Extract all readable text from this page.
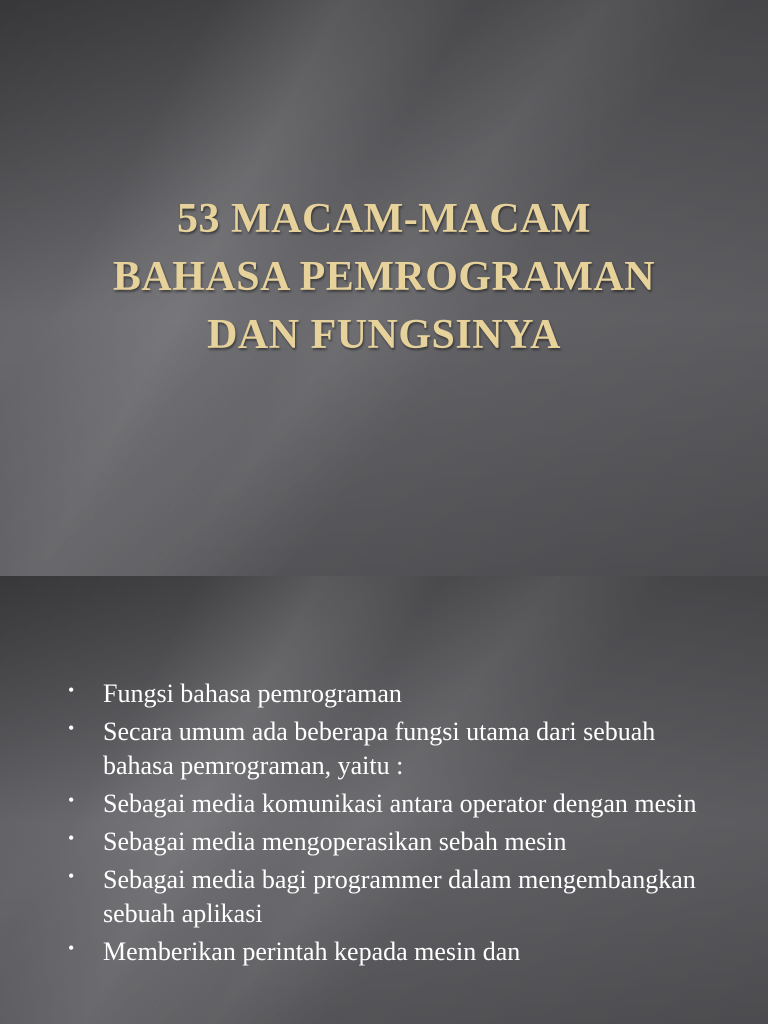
53 MACAM-MACAM
BAHASA PEMROGRAMAN
DAN FUNGSINYA
• Fungsi bahasa pemrograman
• Secara umum ada beberapa fungsi utama dari sebuah bahasa pemrograman, yaitu :
• Sebagai media komunikasi antara operator dengan mesin
• Sebagai media mengoperasikan sebah mesin
• Sebagai media bagi programmer dalam mengembangkan sebuah aplikasi
• Memberikan perintah kepada mesin dan
